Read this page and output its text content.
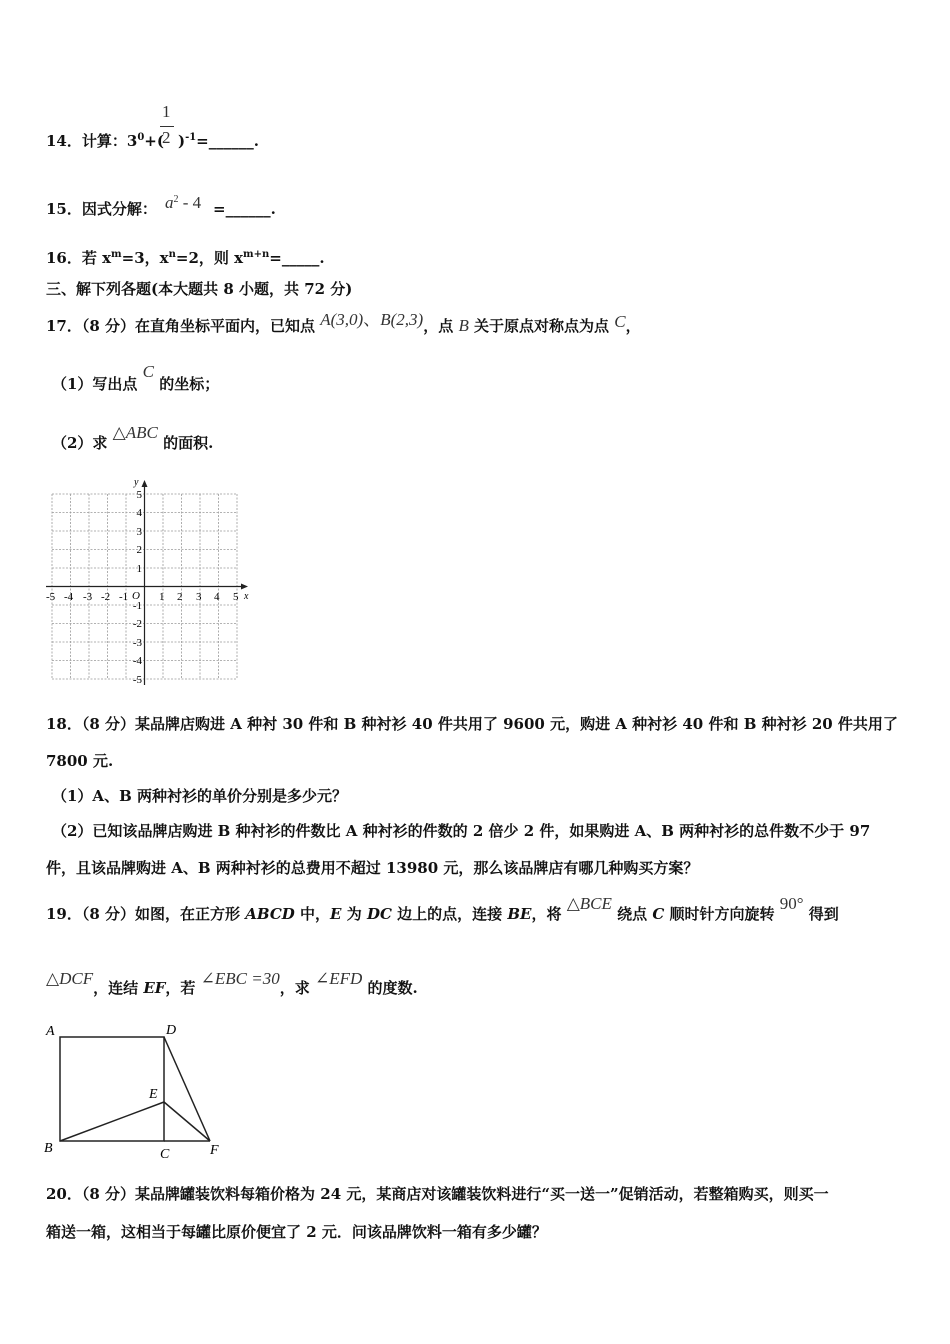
14．计算：$3^0+$( )$^{-1}$=______.
1
2
15．因式分解： $a^2 - 4$ =______.
16．若 $x^m=3$，$x^n=2$，则 $x^{m+n}=\_\_\_\_\_$.
三、解下列各题(本大题共 8 小题，共 72 分)
17．（8 分）在直角坐标平面内，已知点 A(3,0)、B(2,3)，点 B 关于原点对称点为点 C，
（1）写出点 C 的坐标；
（2）求 △ABC 的面积.
x
y
O
-5 -4 -3 -2 -1	1 2 3 4 5
5
4
3
2
1
-1
-2
-3
-4
-5
18．（8 分）某品牌店购进 A 种衬 30 件和 B 种衬衫 40 件共用了 9600 元，购进 A 种衬衫 40 件和 B 种衬衫 20 件共用了
7800 元.
（1）A、B 两种衬衫的单价分别是多少元？
（2）已知该品牌店购进 B 种衬衫的件数比 A 种衬衫的件数的 2 倍少 2 件，如果购进 A、B 两种衬衫的总件数不少于 97
件，且该品牌购进 A、B 两种衬衫的总费用不超过 13980 元，那么该品牌店有哪几种购买方案？
19．（8 分）如图，在正方形 ABCD 中，E 为 DC 边上的点，连接 BE，将 △BCE 绕点 C 顺时针方向旋转 90° 得到
△DCF，连结 EF，若 ∠EBC =30，求 ∠EFD 的度数.
A	D
E
B	C	F
20．（8 分）某品牌罐装饮料每箱价格为 24 元，某商店对该罐装饮料进行“买一送一”促销活动，若整箱购买，则买一
箱送一箱，这相当于每罐比原价便宜了 2 元．问该品牌饮料一箱有多少罐？
